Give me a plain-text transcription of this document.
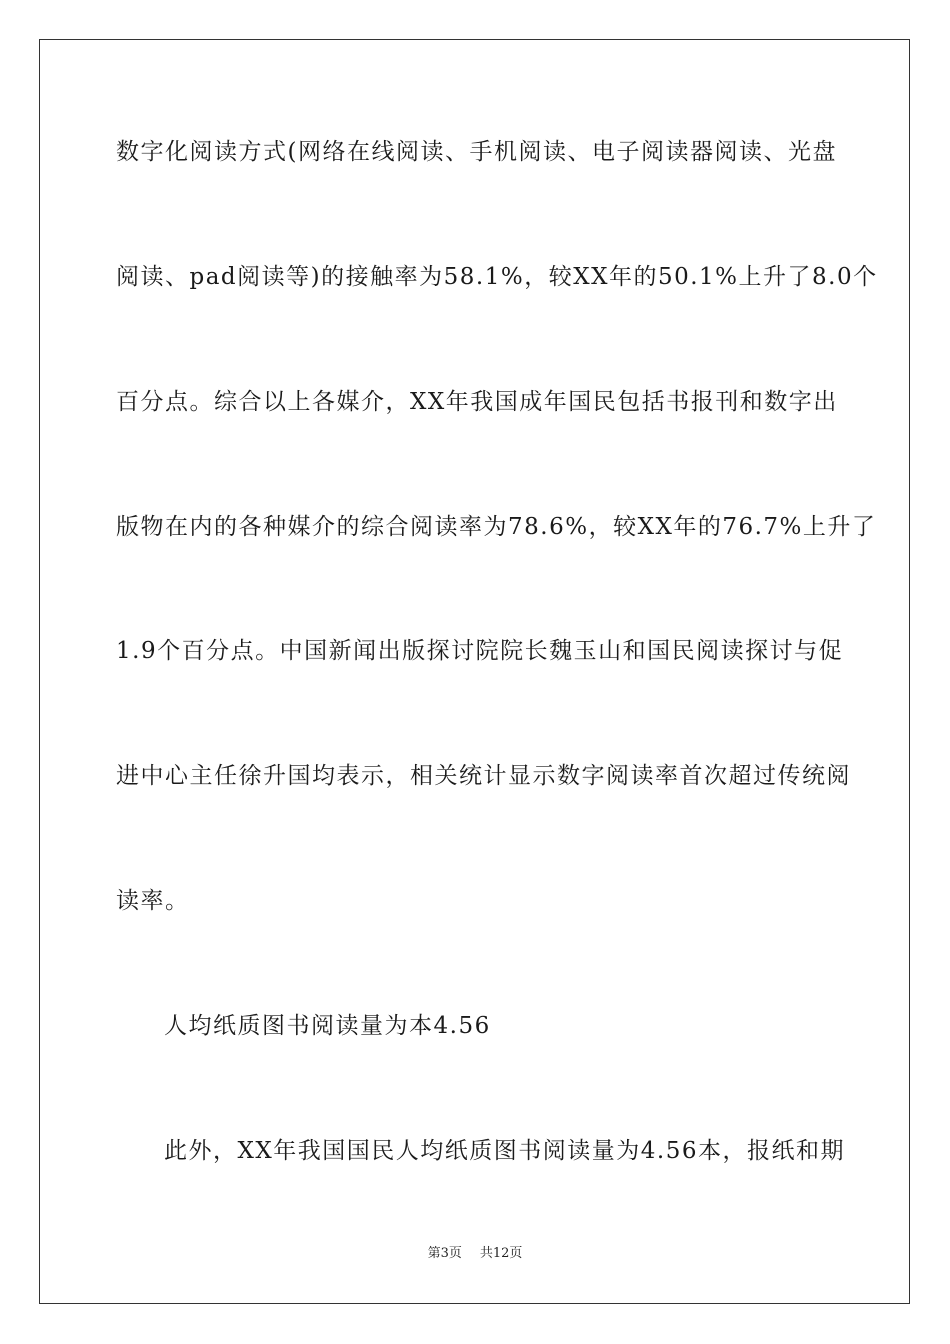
数字化阅读方式(网络在线阅读、手机阅读、电子阅读器阅读、光盘
阅读、pad阅读等)的接触率为58.1%，较XX年的50.1%上升了8.0个
百分点。综合以上各媒介，XX年我国成年国民包括书报刊和数字出
版物在内的各种媒介的综合阅读率为78.6%，较XX年的76.7%上升了
1.9个百分点。中国新闻出版探讨院院长魏玉山和国民阅读探讨与促
进中心主任徐升国均表示，相关统计显示数字阅读率首次超过传统阅
读率。
人均纸质图书阅读量为本4.56
此外，XX年我国国民人均纸质图书阅读量为4.56本，报纸和期
第3页 共12页
